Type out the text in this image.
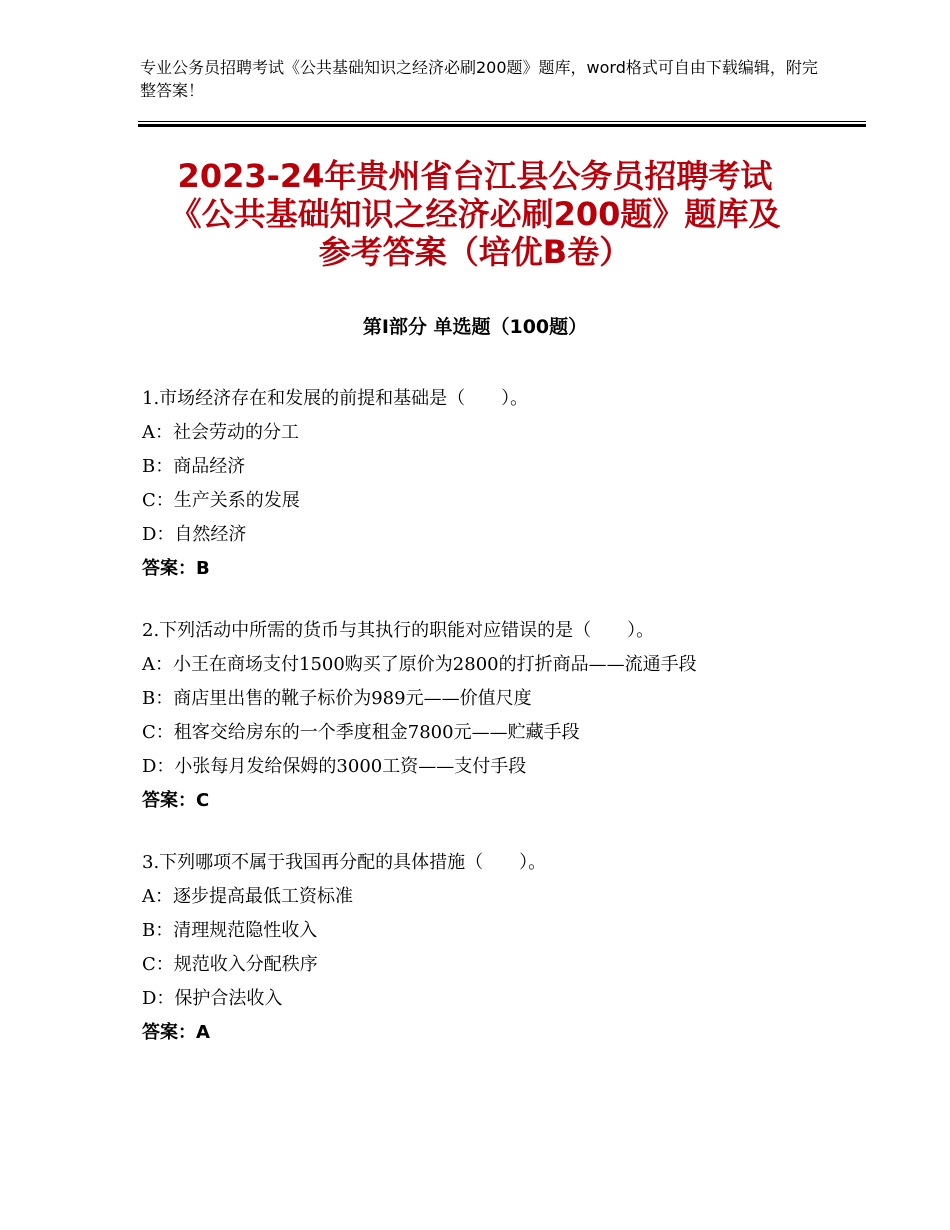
专业公务员招聘考试《公共基础知识之经济必刷200题》题库，word格式可自由下载编辑，附完整答案！
2023-24年贵州省台江县公务员招聘考试
《公共基础知识之经济必刷200题》题库及
参考答案（培优B卷）
第Ⅰ部分 单选题（100题）
1.市场经济存在和发展的前提和基础是（　　）。
A：社会劳动的分工
B：商品经济
C：生产关系的发展
D：自然经济
答案：B
2.下列活动中所需的货币与其执行的职能对应错误的是（　　）。
A：小王在商场支付1500购买了原价为2800的打折商品——流通手段
B：商店里出售的靴子标价为989元——价值尺度
C：租客交给房东的一个季度租金7800元——贮藏手段
D：小张每月发给保姆的3000工资——支付手段
答案：C
3.下列哪项不属于我国再分配的具体措施（　　）。
A：逐步提高最低工资标准
B：清理规范隐性收入
C：规范收入分配秩序
D：保护合法收入
答案：A
